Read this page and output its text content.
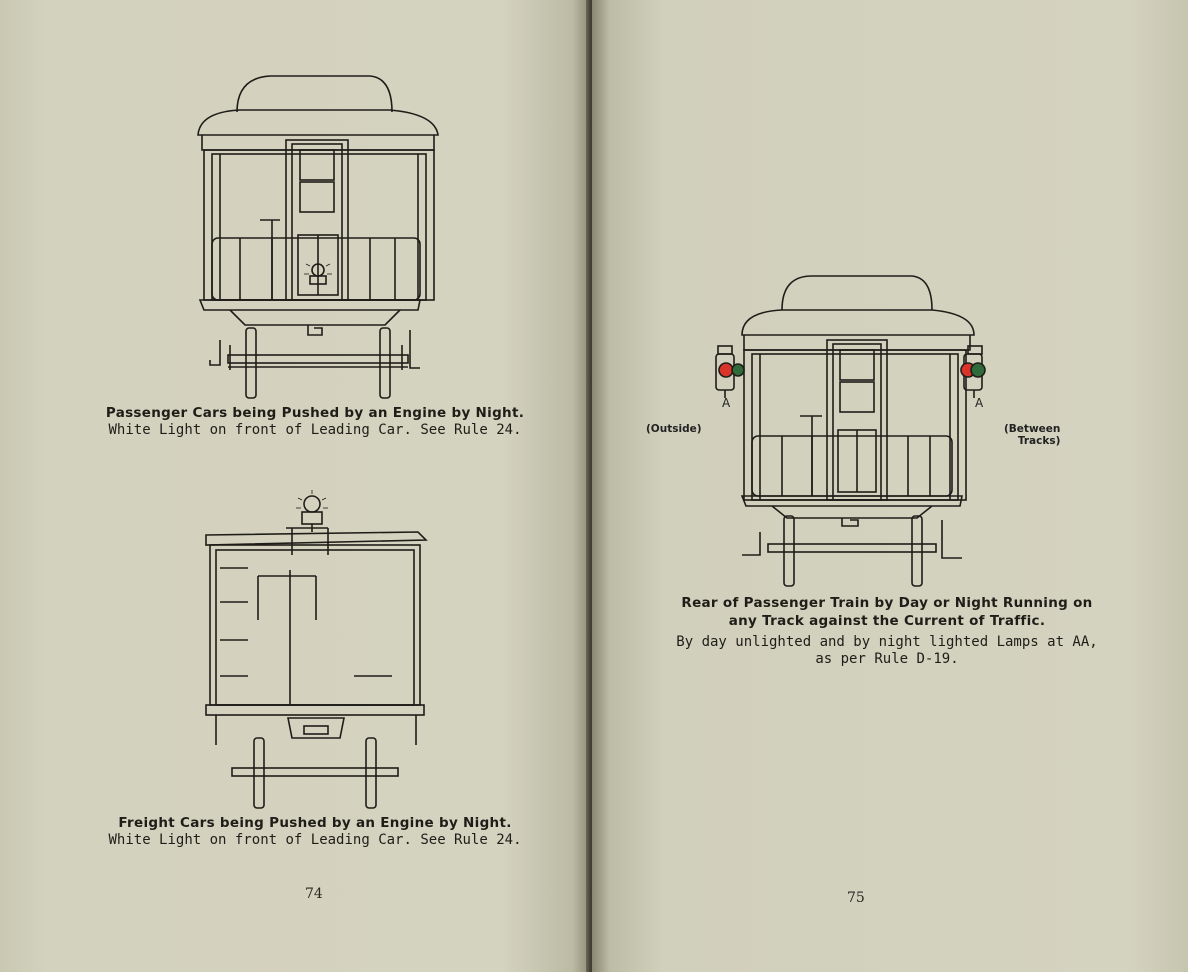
Passenger Cars being Pushed by an Engine by Night.
White Light on front of Leading Car. See Rule 24.
Freight Cars being Pushed by an Engine by Night.
White Light on front of Leading Car. See Rule 24.
74
A	A
(Outside)	(Between
Tracks)
Rear of Passenger Train by Day or Night Running on
any Track against the Current of Traffic.
By day unlighted and by night lighted Lamps at AA,
as per Rule D-19.
75
